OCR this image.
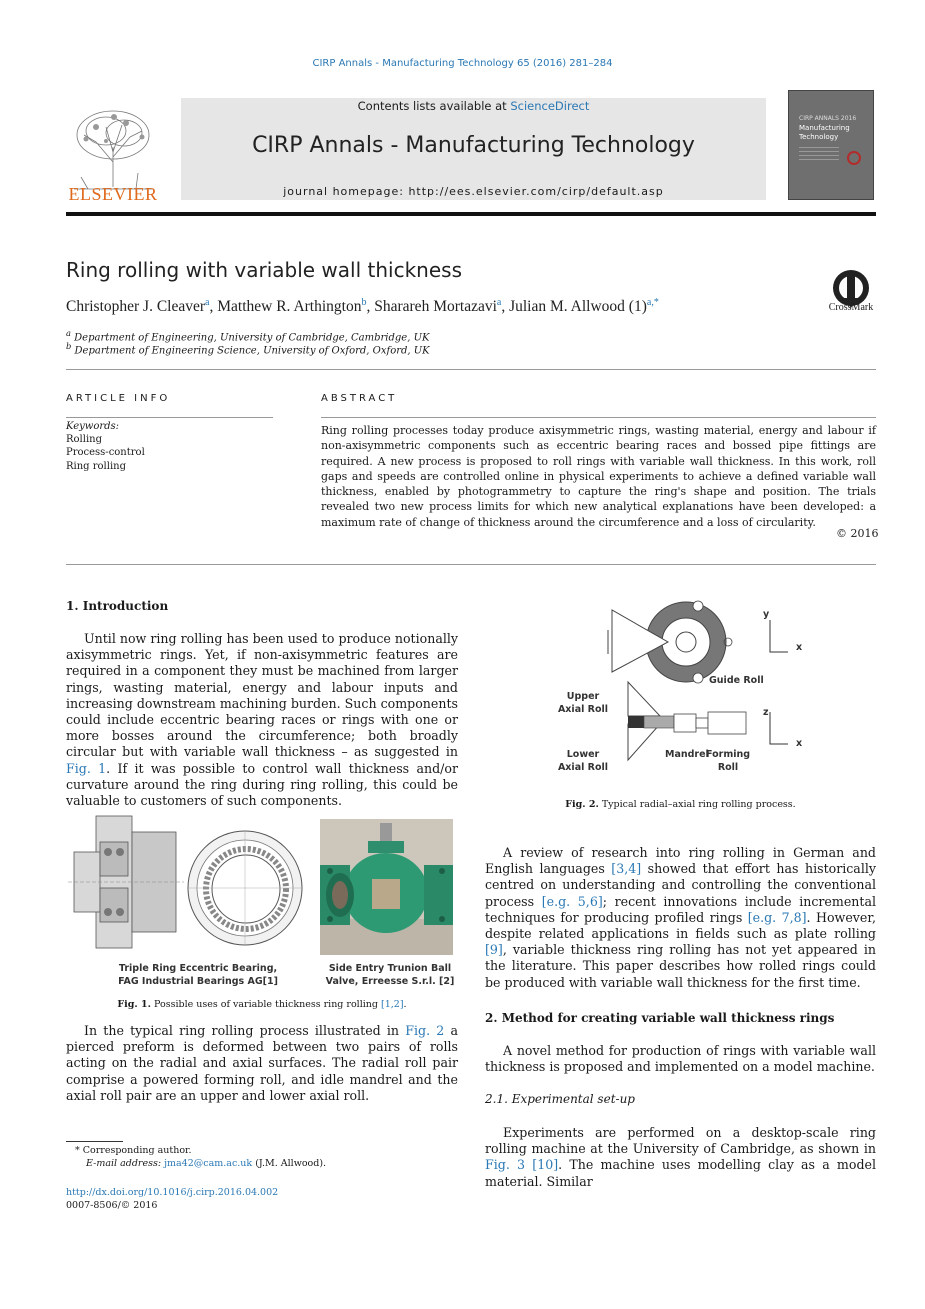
CIRP Annals - Manufacturing Technology 65 (2016) 281–284
ELSEVIER
Contents lists available at ScienceDirect
CIRP Annals - Manufacturing Technology
journal homepage: http://ees.elsevier.com/cirp/default.asp
CIRP ANNALS 2016
Manufacturing Technology
Ring rolling with variable wall thickness
Christopher J. Cleaver$^a$, Matthew R. Arthington$^b$, Sharareh Mortazavi$^a$, Julian M. Allwood $(1)^{a,*}$	CrossMark
$^a$ Department of Engineering, University of Cambridge, Cambridge, UK
$^b$ Department of Engineering Science, University of Oxford, Oxford, UK
ARTICLE INFO	ABSTRACT
Keywords:
Rolling
Process-control
Ring rolling
Ring rolling processes today produce axisymmetric rings, wasting material, energy and labour if non-axisymmetric components such as eccentric bearing races and bossed pipe fittings are required. A new process is proposed to roll rings with variable wall thickness. In this work, roll gaps and speeds are controlled online in physical experiments to achieve a defined variable wall thickness, enabled by photogrammetry to capture the ring's shape and position. The trials revealed two new process limits for which new analytical explanations have been developed: a maximum rate of change of thickness around the circumference and a loss of circularity.
© 2016
1. Introduction
Until now ring rolling has been used to produce notionally axisymmetric rings. Yet, if non-axisymmetric features are required in a component they must be machined from larger rings, wasting material, energy and labour inputs and increasing downstream machining burden. Such components could include eccentric bearing races or rings with one or more bosses around the circumference; both broadly circular but with variable wall thickness – as suggested in Fig. 1. If it was possible to control wall thickness and/or curvature around the ring during ring rolling, this could be valuable to customers of such components.
Triple Ring Eccentric Bearing, FAG Industrial Bearings AG[1]
Side Entry Trunion Ball Valve, Erreesse S.r.l. [2]
Fig. 1. Possible uses of variable thickness ring rolling [1,2].
In the typical ring rolling process illustrated in Fig. 2 a pierced preform is deformed between two pairs of rolls acting on the radial and axial surfaces. The radial roll pair comprise a powered forming roll, and idle mandrel and the axial roll pair are an upper and lower axial roll.
* Corresponding author.
E-mail address: jma42@cam.ac.uk (J.M. Allwood).
http://dx.doi.org/10.1016/j.cirp.2016.04.002
0007-8506/© 2016
Guide Roll
Upper Axial Roll
Lower Axial Roll
Mandrel
Forming Roll
y
x
z
x
Fig. 2. Typical radial–axial ring rolling process.
A review of research into ring rolling in German and English languages [3,4] showed that effort has historically centred on understanding and controlling the conventional process [e.g. 5,6]; recent innovations include incremental techniques for producing profiled rings [e.g. 7,8]. However, despite related applications in fields such as plate rolling [9], variable thickness ring rolling has not yet appeared in the literature. This paper describes how rolled rings could be produced with variable wall thickness for the first time.
2. Method for creating variable wall thickness rings
A novel method for production of rings with variable wall thickness is proposed and implemented on a model machine.
2.1. Experimental set-up
Experiments are performed on a desktop-scale ring rolling machine at the University of Cambridge, as shown in Fig. 3 [10]. The machine uses modelling clay as a model material. Similar
